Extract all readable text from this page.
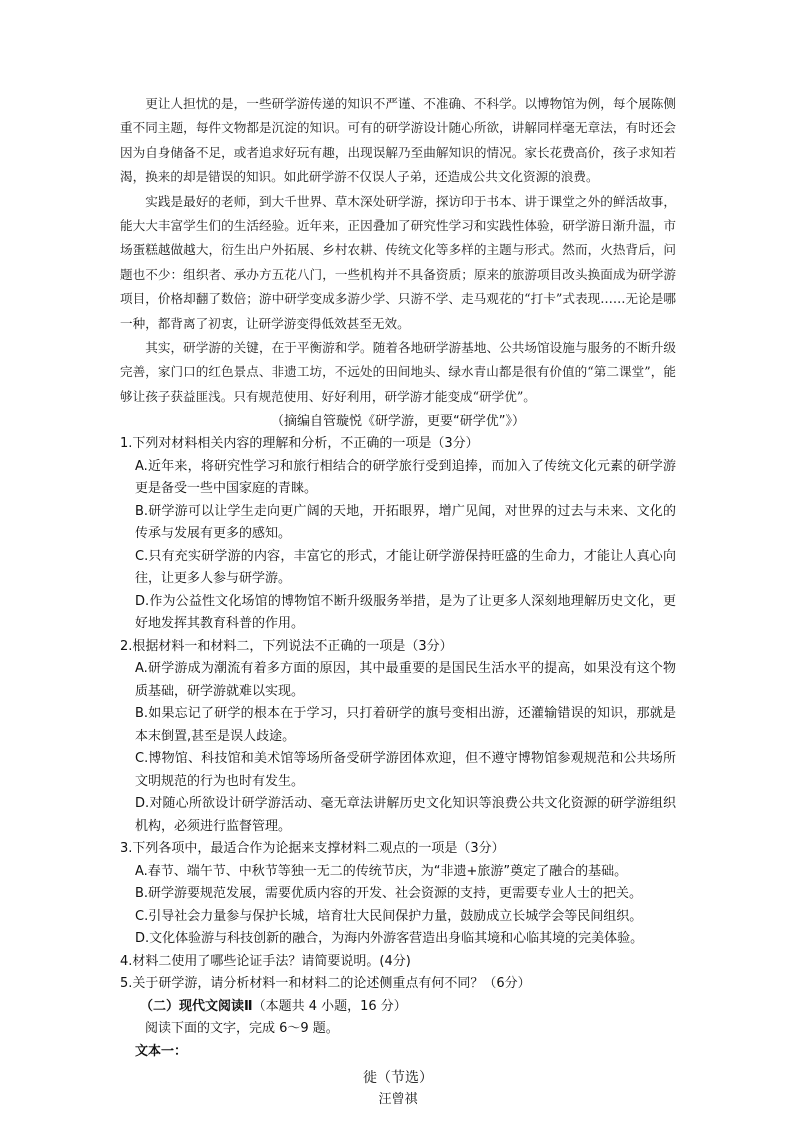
更让人担忧的是，一些研学游传递的知识不严谨、不准确、不科学。以博物馆为例，每个展陈侧重不同主题，每件文物都是沉淀的知识。可有的研学游设计随心所欲，讲解同样毫无章法，有时还会因为自身储备不足，或者追求好玩有趣，出现误解乃至曲解知识的情况。家长花费高价，孩子求知若渴，换来的却是错误的知识。如此研学游不仅误人子弟，还造成公共文化资源的浪费。

实践是最好的老师，到大千世界、草木深处研学游，探访印于书本、讲于课堂之外的鲜活故事，能大大丰富学生们的生活经验。近年来，正因叠加了研究性学习和实践性体验，研学游日渐升温，市场蛋糕越做越大，衍生出户外拓展、乡村农耕、传统文化等多样的主题与形式。然而，火热背后，问题也不少：组织者、承办方五花八门，一些机构并不具备资质；原来的旅游项目改头换面成为研学游项目，价格却翻了数倍；游中研学变成多游少学、只游不学、走马观花的“打卡”式表现……无论是哪一种，都背离了初衷，让研学游变得低效甚至无效。

其实，研学游的关键，在于平衡游和学。随着各地研学游基地、公共场馆设施与服务的不断升级完善，家门口的红色景点、非遗工坊，不远处的田间地头、绿水青山都是很有价值的“第二课堂”，能够让孩子获益匪浅。只有规范使用、好好利用，研学游才能变成“研学优”。

（摘编自管璇悦《研学游，更要“研学优”》）

1.下列对材料相关内容的理解和分析，不正确的一项是（3分）

A.近年来，将研究性学习和旅行相结合的研学旅行受到追捧，而加入了传统文化元素的研学游更是备受一些中国家庭的青睐。

B.研学游可以让学生走向更广阔的天地，开拓眼界，增广见闻，对世界的过去与未来、文化的传承与发展有更多的感知。

C.只有充实研学游的内容，丰富它的形式，才能让研学游保持旺盛的生命力，才能让人真心向往，让更多人参与研学游。

D.作为公益性文化场馆的博物馆不断升级服务举措，是为了让更多人深刻地理解历史文化，更好地发挥其教育科普的作用。

2.根据材料一和材料二，下列说法不正确的一项是（3分）

A.研学游成为潮流有着多方面的原因，其中最重要的是国民生活水平的提高，如果没有这个物质基础，研学游就难以实现。

B.如果忘记了研学的根本在于学习，只打着研学的旗号变相出游，还灌输错误的知识，那就是本末倒置,甚至是误人歧途。

C.博物馆、科技馆和美术馆等场所备受研学游团体欢迎，但不遵守博物馆参观规范和公共场所文明规范的行为也时有发生。

D.对随心所欲设计研学游活动、毫无章法讲解历史文化知识等浪费公共文化资源的研学游组织机构，必须进行监督管理。

3.下列各项中，最适合作为论据来支撑材料二观点的一项是（3分）

A.春节、端午节、中秋节等独一无二的传统节庆，为“非遗+旅游”奠定了融合的基础。

B.研学游要规范发展，需要优质内容的开发、社会资源的支持，更需要专业人士的把关。

C.引导社会力量参与保护长城，培育壮大民间保护力量，鼓励成立长城学会等民间组织。

D.文化体验游与科技创新的融合，为海内外游客营造出身临其境和心临其境的完美体验。

4.材料二使用了哪些论证手法？请简要说明。(4分)

5.关于研学游，请分析材料一和材料二的论述侧重点有何不同？（6分）

（二）现代文阅读Ⅱ（本题共 4 小题，16 分）

阅读下面的文字，完成 6～9 题。

文本一：

徙（节选）

汪曾祺
